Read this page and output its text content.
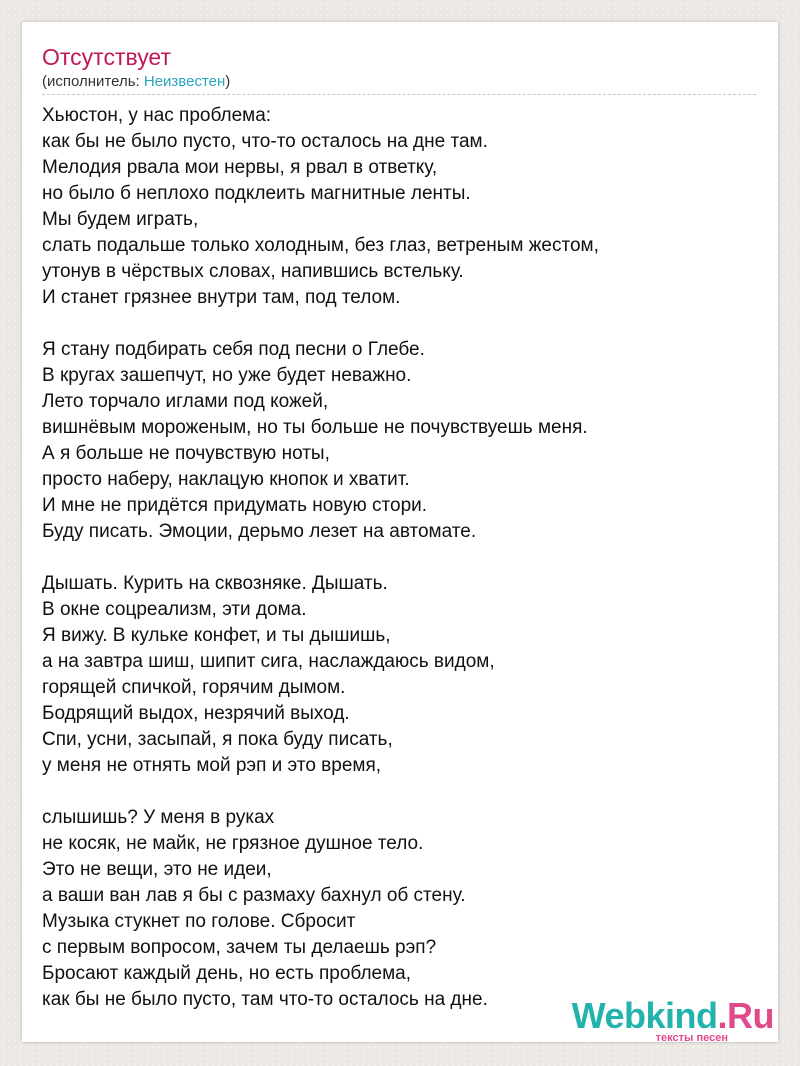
Отсутствует
(исполнитель: Неизвестен)
Хьюстон, у нас проблема:
как бы не было пусто, что-то осталось на дне там.
Мелодия рвала мои нервы, я рвал в ответку,
но было б неплохо подклеить магнитные ленты.
Мы будем играть,
слать подальше только холодным, без глаз, ветреным жестом,
утонув в чёрствых словах, напившись встельку.
И станет грязнее внутри там, под телом.
Я стану подбирать себя под песни о Глебе.
В кругах зашепчут, но уже будет неважно.
Лето торчало иглами под кожей,
вишнёвым мороженым, но ты больше не почувствуешь меня.
А я больше не почувствую ноты,
просто наберу, наклацую кнопок и хватит.
И мне не придётся придумать новую стори.
Буду писать. Эмоции, дерьмо лезет на автомате.
Дышать. Курить на сквозняке. Дышать.
В окне соцреализм, эти дома.
Я вижу. В кульке конфет, и ты дышишь,
а на завтра шиш, шипит сига, наслаждаюсь видом,
горящей спичкой, горячим дымом.
Бодрящий выдох, незрячий выход.
Спи, усни, засыпай, я пока буду писать,
у меня не отнять мой рэп и это время,
слышишь? У меня в руках
не косяк, не майк, не грязное душное тело.
Это не вещи, это не идеи,
а ваши ван лав я бы с размаху бахнул об стену.
Музыка стукнет по голове. Сбросит
с первым вопросом, зачем ты делаешь рэп?
Бросают каждый день, но есть проблема,
как бы не было пусто, там что-то осталось на дне.	Webkind.Ru
тексты песен
